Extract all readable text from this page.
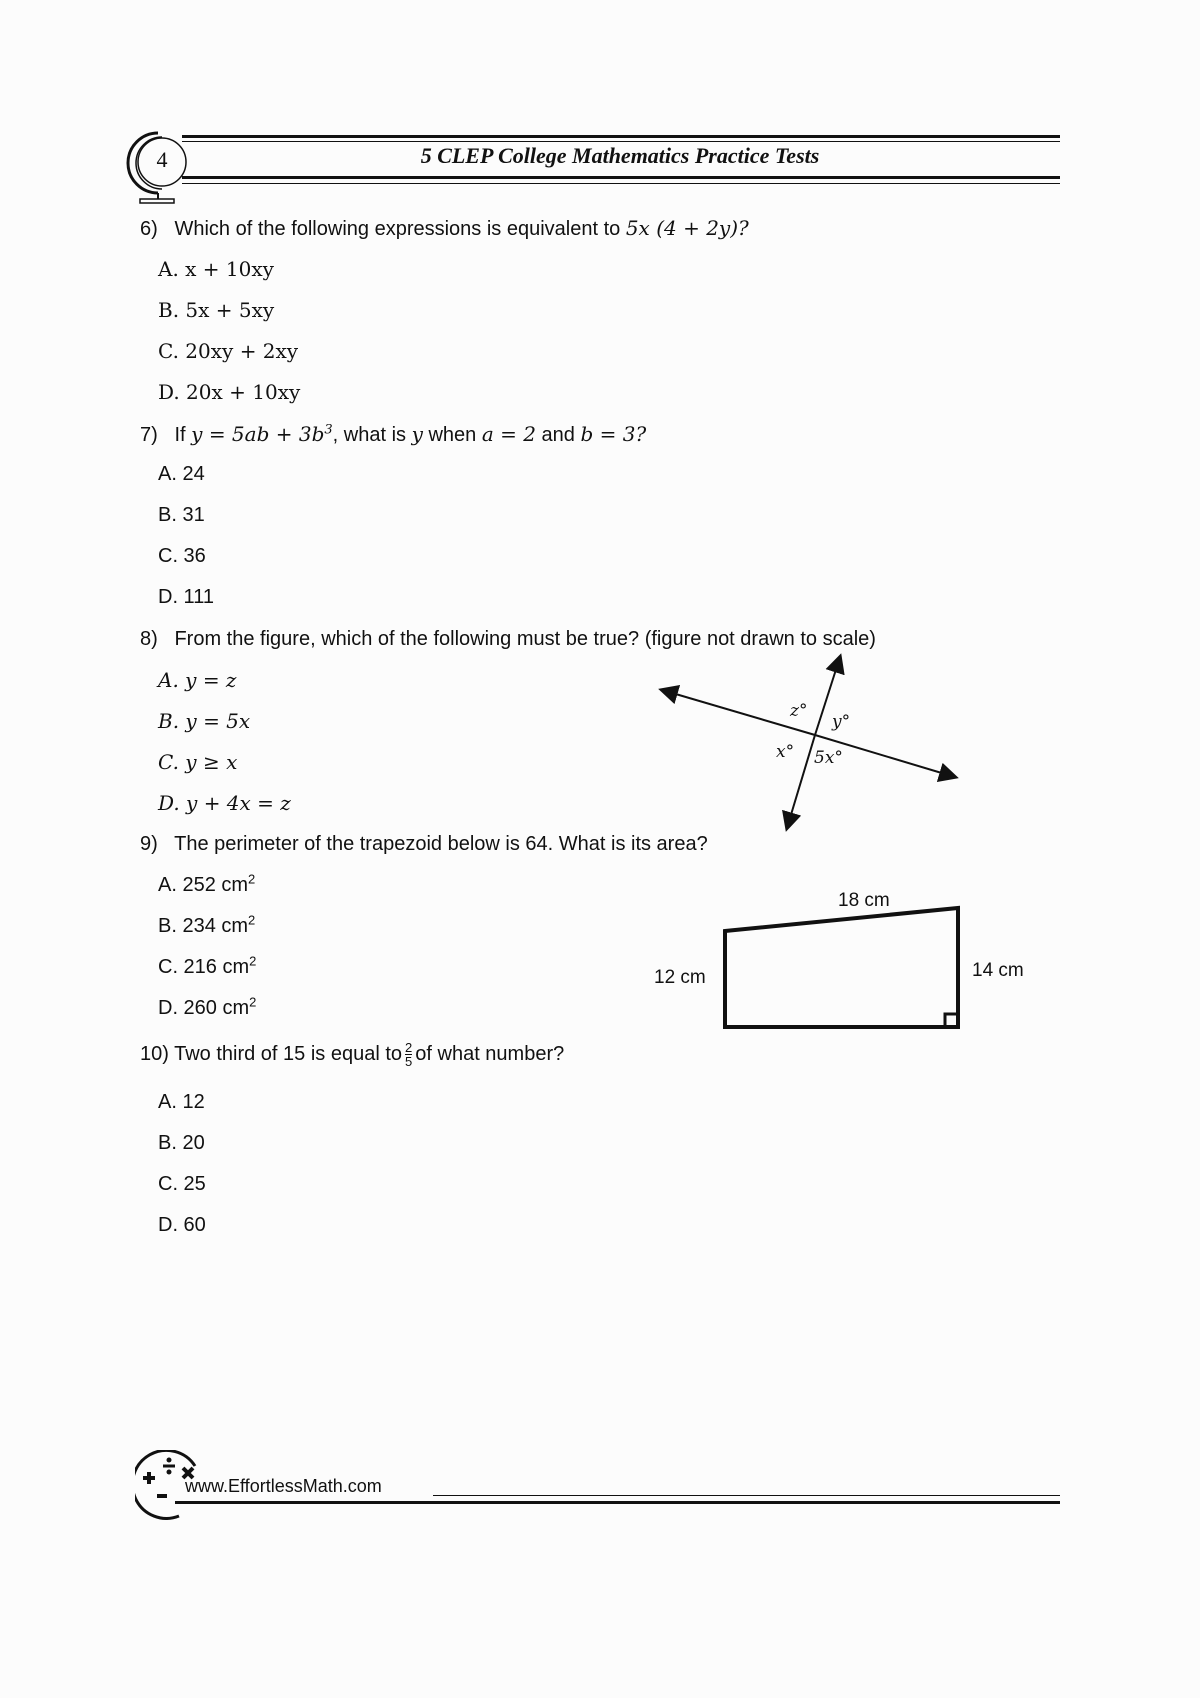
4	5 CLEP College Mathematics Practice Tests
6) Which of the following expressions is equivalent to 5x (4 + 2y)?
A. x + 10xy
B. 5x + 5xy
C. 20xy + 2xy
D. 20x + 10xy
7) If $y = 5ab + 3b^3$, what is y when a = 2 and b = 3?
A. 24
B. 31
C. 36
D. 111
8) From the figure, which of the following must be true? (figure not drawn to scale)
A. y = z
B. y = 5x
C. y ≥ x
D. y + 4x = z
z°
y°
x° 5x°
9) The perimeter of the trapezoid below is 64. What is its area?
A. 252 $cm^2$
B. 234 $cm^2$
C. 216 $cm^2$
D. 260 $cm^2$
18 cm
12 cm	14 cm
10) Two third of 15 is equal to $\frac{2}{5}$ of what number?
A. 12
B. 20
C. 25
D. 60
www.EffortlessMath.com
